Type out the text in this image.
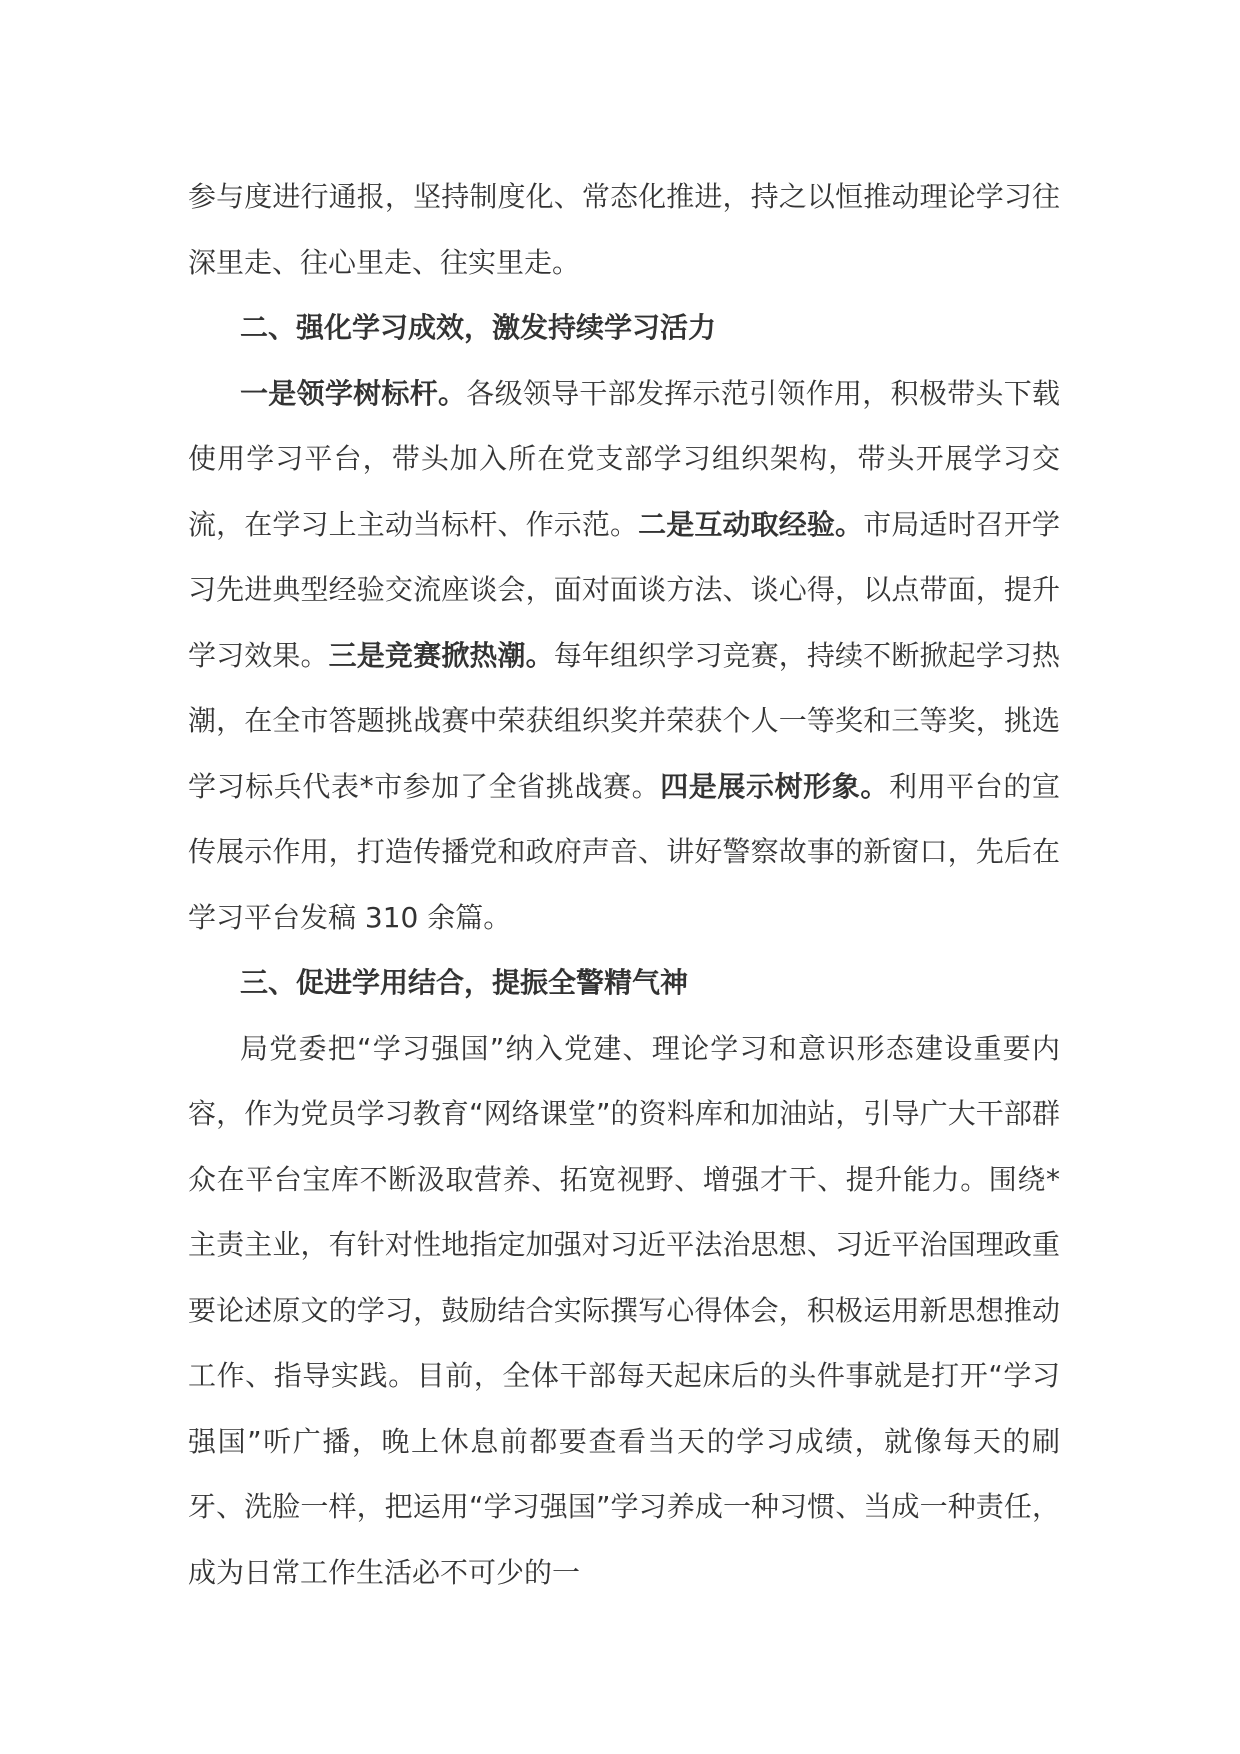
参与度进行通报，坚持制度化、常态化推进，持之以恒推动理论学习往深里走、往心里走、往实里走。

二、强化学习成效，激发持续学习活力

一是领学树标杆。各级领导干部发挥示范引领作用，积极带头下载使用学习平台，带头加入所在党支部学习组织架构，带头开展学习交流，在学习上主动当标杆、作示范。二是互动取经验。市局适时召开学习先进典型经验交流座谈会，面对面谈方法、谈心得，以点带面，提升学习效果。三是竞赛掀热潮。每年组织学习竞赛，持续不断掀起学习热潮，在全市答题挑战赛中荣获组织奖并荣获个人一等奖和三等奖，挑选学习标兵代表*市参加了全省挑战赛。四是展示树形象。利用平台的宣传展示作用，打造传播党和政府声音、讲好警察故事的新窗口，先后在学习平台发稿 310 余篇。

三、促进学用结合，提振全警精气神

局党委把“学习强国”纳入党建、理论学习和意识形态建设重要内容，作为党员学习教育“网络课堂”的资料库和加油站，引导广大干部群众在平台宝库不断汲取营养、拓宽视野、增强才干、提升能力。围绕*主责主业，有针对性地指定加强对习近平法治思想、习近平治国理政重要论述原文的学习，鼓励结合实际撰写心得体会，积极运用新思想推动工作、指导实践。目前，全体干部每天起床后的头件事就是打开“学习强国”听广播，晚上休息前都要查看当天的学习成绩，就像每天的刷牙、洗脸一样，把运用“学习强国”学习养成一种习惯、当成一种责任，成为日常工作生活必不可少的一
